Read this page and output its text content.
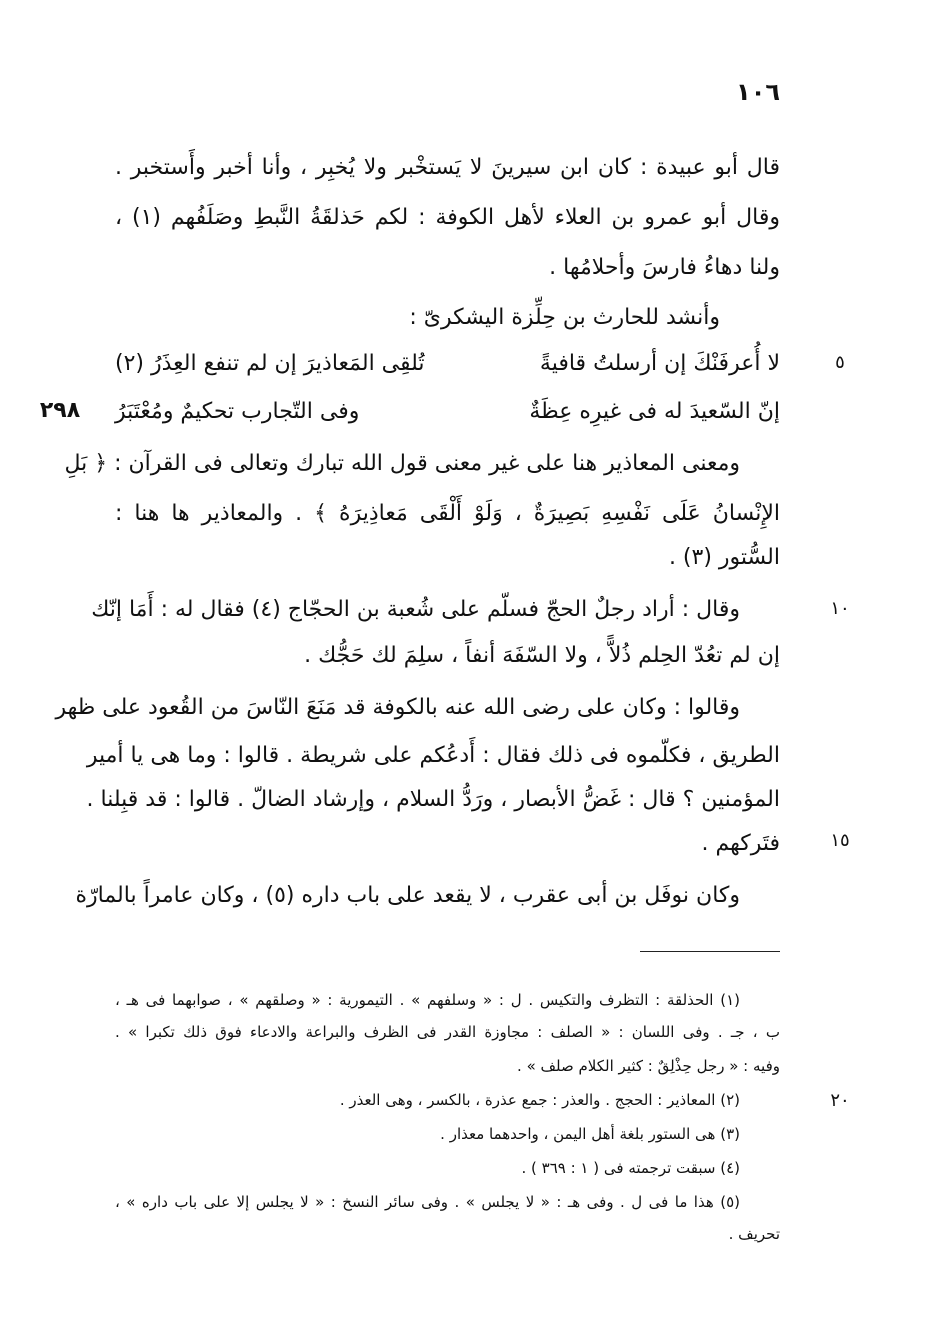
١٠٦
قال أبو عبيدة : كان ابن سيرينَ لا يَستخْبر ولا يُخبِر ، وأنا أخبر وأَستخبر .
وقال أبو عمرو بن العلاء لأهل الكوفة : لكم حَذلقَةُ النَّبطِ وصَلَفُهم (١) ،
ولنا دهاءُ فارسَ وأحلامُها .
وأنشد للحارث بن حِلِّزة اليشكرىّ :
لا أُعرفَنْكَ إن أرسلتُ قافيةً
تُلقِى المَعاذيرَ إن لم تنفع العِذَرُ (٢)
إنّ السّعيدَ له فى غيرِه عِظَةٌ
وفى التّجارب تحكيمٌ ومُعْتَبَرُ
ومعنى المعاذير هنا على غير معنى قول الله تبارك وتعالى فى القرآن : ﴿ بَلِ
الإِنْسانُ عَلَى نَفْسِهِ بَصِيرَةٌ ، وَلَوْ أَلْقَى مَعاذِيرَهُ ﴾ . والمعاذير ها هنا :
السُّتور (٣) .
وقال : أراد رجلٌ الحجّ فسلّم على شُعبة بن الحجّاج (٤) فقال له : أَمَا إنّك
إن لم تعُدّ الحِلم ذُلاًّ ، ولا السّفَهَ أنفاً ، سلِمَ لك حَجُّك .
وقالوا : وكان على رضى الله عنه بالكوفة قد مَنَعَ النّاسَ من القُعود على ظهر
الطريق ، فكلّموه فى ذلك فقال : أَدعُكم على شريطة . قالوا : وما هى يا أمير
المؤمنين ؟ قال : غَضُّ الأبصار ، ورَدُّ السلام ، وإرشاد الضالّ . قالوا : قد قبِلنا .
فتَركهم .
وكان نوفَل بن أبى عقرب ، لا يقعد على باب داره (٥) ، وكان عامراً بالمارّة
٥
١٠
١٥
٢٠
٢٩٨
(١) الحذلقة : التظرف والتكيس . ل : « وسلفهم » . التيمورية : « وصلقهم » ، صوابهما فى هـ ،
ب ، جـ . وفى اللسان : « الصلف : مجاوزة القدر فى الظرف والبراعة والادعاء فوق ذلك تكبرا » .
وفيه : « رجل حِذْلِقٌ : كثير الكلام صلف » .
(٢) المعاذير : الحجج . والعذر : جمع عذرة ، بالكسر ، وهى العذر .
(٣) هى الستور بلغة أهل اليمن ، واحدهما معذار .
(٤) سبقت ترجمته فى ( ١ : ٣٦٩ ) .
(٥) هذا ما فى ل . وفى هـ : « لا يجلس » . وفى سائر النسخ : « لا يجلس إلا على باب داره » ،
تحريف .
